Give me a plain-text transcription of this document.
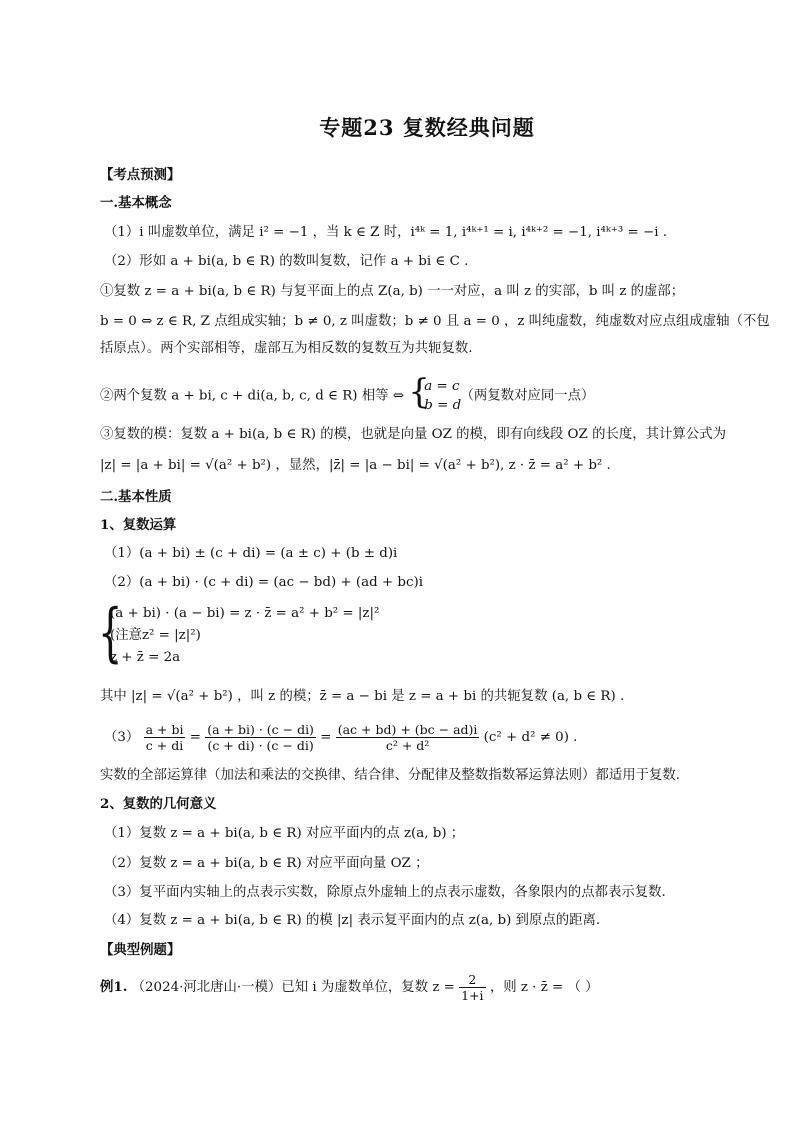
专题23 复数经典问题
【考点预测】
一.基本概念
（1）i 叫虚数单位，满足 i² = −1 ，当 k ∈ Z 时，i⁴ᵏ = 1, i⁴ᵏ⁺¹ = i, i⁴ᵏ⁺² = −1, i⁴ᵏ⁺³ = −i .
（2）形如 a + bi(a, b ∈ R) 的数叫复数，记作 a + bi ∈ C .
①复数 z = a + bi(a, b ∈ R) 与复平面上的点 Z(a, b) 一一对应，a 叫 z 的实部，b 叫 z 的虚部；
b = 0 ⇔ z ∈ R, Z 点组成实轴；b ≠ 0, z 叫虚数；b ≠ 0 且 a = 0 ，z 叫纯虚数，纯虚数对应点组成虚轴（不包
括原点）。两个实部相等，虚部互为相反数的复数互为共轭复数.
②两个复数 a + bi, c + di(a, b, c, d ∈ R) 相等 ⇔ {
a = c
b = d
（两复数对应同一点）
③复数的模：复数 a + bi(a, b ∈ R) 的模，也就是向量 OZ 的模，即有向线段 OZ 的长度，其计算公式为
|z| = |a + bi| = √(a² + b²) ，显然，|z̄| = |a − bi| = √(a² + b²), z · z̄ = a² + b² .
二.基本性质
1、复数运算
（1）(a + bi) ± (c + di) = (a ± c) + (b ± d)i
（2）(a + bi) · (c + di) = (ac − bd) + (ad + bc)i
{
(a + bi) · (a − bi) = z · z̄ = a² + b² = |z|²
(注意z² = |z|²)
z + z̄ = 2a
其中 |z| = √(a² + b²) ，叫 z 的模；z̄ = a − bi 是 z = a + bi 的共轭复数 (a, b ∈ R) .
$(3) \frac{a + bi}{c + di} = \frac{(a + bi) \cdot (c - di)}{(c + di) \cdot (c - di)} = \frac{(ac + bd) + (bc - ad)i}{\text{c² + d²}} (c^2 + d^2 \ne 0)$ .
实数的全部运算律（加法和乘法的交换律、结合律、分配律及整数指数幂运算法则）都适用于复数.
2、复数的几何意义
（1）复数 z = a + bi(a, b ∈ R) 对应平面内的点 z(a, b) ；
（2）复数 z = a + bi(a, b ∈ R) 对应平面向量 OZ ；
（3）复平面内实轴上的点表示实数，除原点外虚轴上的点表示虚数，各象限内的点都表示复数.
（4）复数 z = a + bi(a, b ∈ R) 的模 |z| 表示复平面内的点 z(a, b) 到原点的距离.
【典型例题】
例1. （2024·河北唐山·一模）已知 i 为虚数单位，复数 $z = \frac{2}{1+i}$ ，则 z · z̄ = （ ）
